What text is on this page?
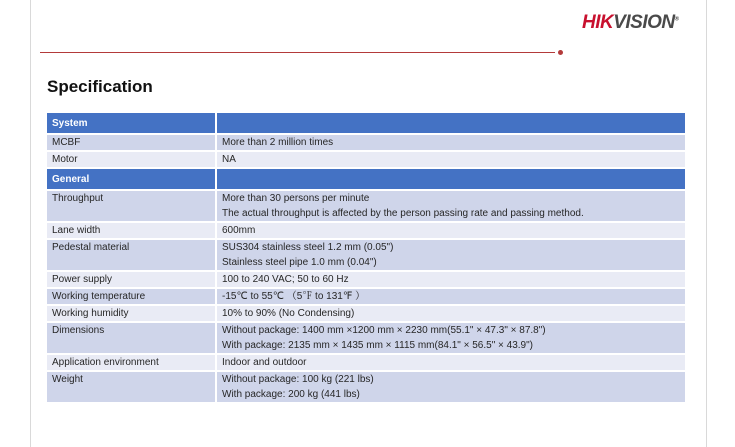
HIKVISION®
Specification
System	
MCBF	More than 2 million times

Motor	NA

General	
Throughput	More than 30 persons per minute
The actual throughput is affected by the person passing rate and passing method.

Lane width	600mm

Pedestal material	SUS304 stainless steel 1.2 mm (0.05")
Stainless steel pipe 1.0 mm (0.04")

Power supply	100 to 240 VAC; 50 to 60 Hz

Working temperature	-15℃ to 55℃ （5℉ to 131℉ ）

Working humidity	10% to 90% (No Condensing)

Dimensions	Without package: 1400 mm ×1200 mm × 2230 mm(55.1" × 47.3" × 87.8")
With package: 2135 mm × 1435 mm × 1115 mm(84.1" × 56.5" × 43.9")

Application environment	Indoor and outdoor

Weight	Without package: 100 kg (221 lbs)
With package: 200 kg (441 lbs)
